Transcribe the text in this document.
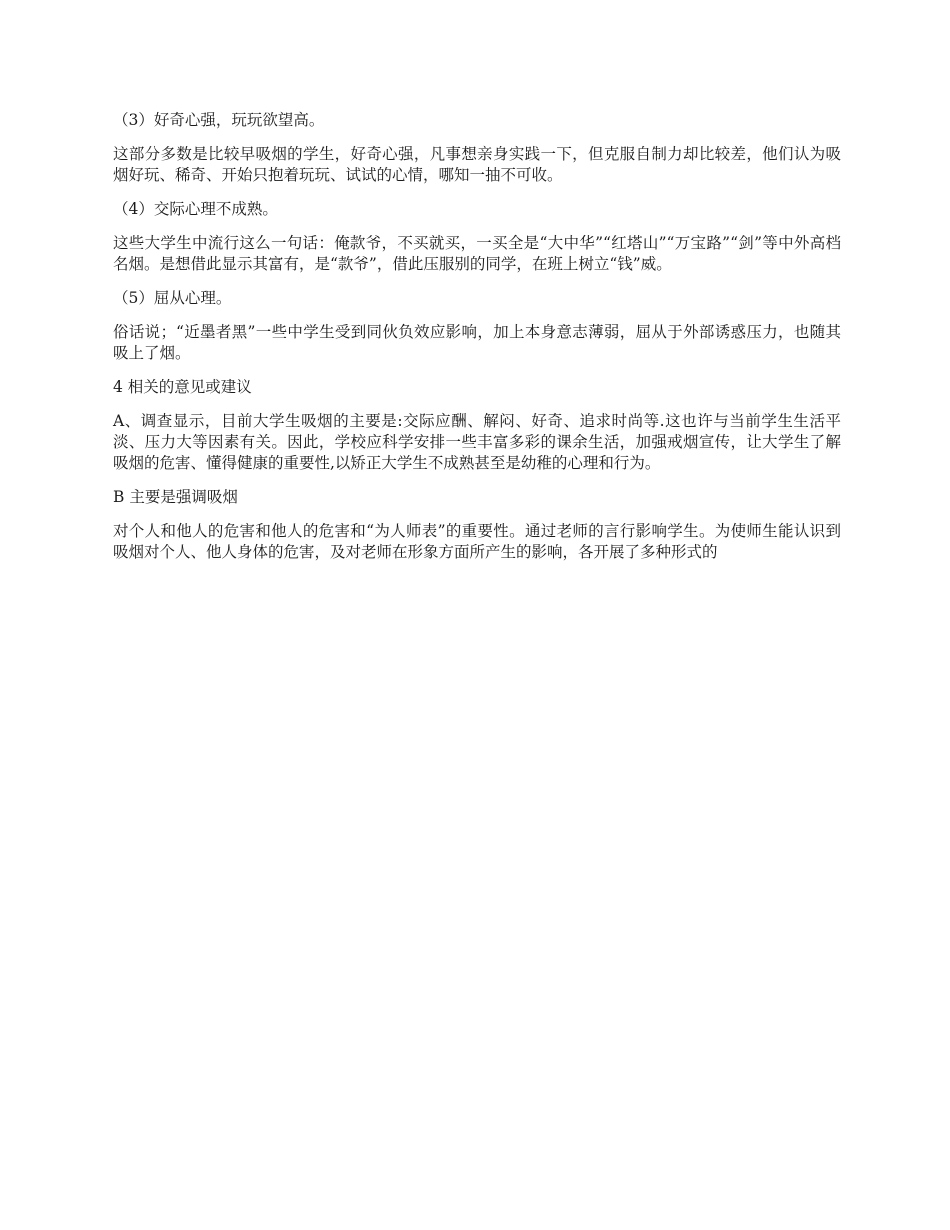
（3）好奇心强，玩玩欲望高。

这部分多数是比较早吸烟的学生，好奇心强，凡事想亲身实践一下，但克服自制力却比较差，他们认为吸烟好玩、稀奇、开始只抱着玩玩、试试的心情，哪知一抽不可收。

（4）交际心理不成熟。

这些大学生中流行这么一句话：俺款爷，不买就买，一买全是“大中华”“红塔山”“万宝路”“剑”等中外高档名烟。是想借此显示其富有，是“款爷”，借此压服别的同学，在班上树立“钱”威。

（5）屈从心理。

俗话说；“近墨者黑”一些中学生受到同伙负效应影响，加上本身意志薄弱，屈从于外部诱惑压力，也随其吸上了烟。

4 相关的意见或建议

A、调查显示，目前大学生吸烟的主要是:交际应酬、解闷、好奇、追求时尚等.这也许与当前学生生活平淡、压力大等因素有关。因此，学校应科学安排一些丰富多彩的课余生活，加强戒烟宣传，让大学生了解吸烟的危害、懂得健康的重要性,以矫正大学生不成熟甚至是幼稚的心理和行为。

B 主要是强调吸烟

对个人和他人的危害和他人的危害和“为人师表”的重要性。通过老师的言行影响学生。为使师生能认识到吸烟对个人、他人身体的危害，及对老师在形象方面所产生的影响，各开展了多种形式的
